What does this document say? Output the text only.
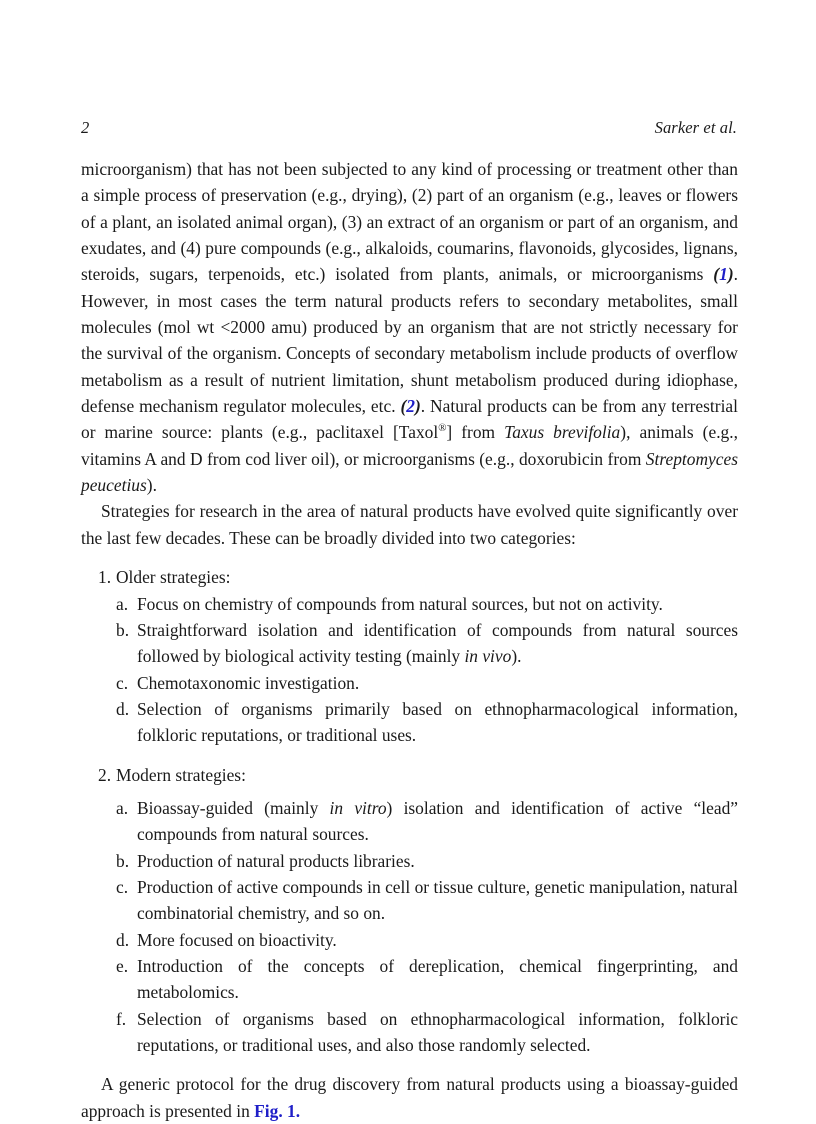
2	Sarker et al.

microorganism) that has not been subjected to any kind of processing or treatment other than a simple process of preservation (e.g., drying), (2) part of an organism (e.g., leaves or flowers of a plant, an isolated animal organ), (3) an extract of an organism or part of an organism, and exudates, and (4) pure compounds (e.g., alkaloids, coumarins, flavonoids, glycosides, lignans, steroids, sugars, terpenoids, etc.) isolated from plants, animals, or microorganisms (1). However, in most cases the term natural products refers to secondary metabolites, small molecules (mol wt <2000 amu) produced by an organism that are not strictly necessary for the survival of the organism. Concepts of secondary metabolism include products of overflow metabolism as a result of nutrient limitation, shunt metabolism produced during idiophase, defense mechanism regulator molecules, etc. (2). Natural products can be from any terrestrial or marine source: plants (e.g., paclitaxel [Taxol®] from Taxus brevifolia), animals (e.g., vitamins A and D from cod liver oil), or microorganisms (e.g., doxorubicin from Streptomyces peucetius).

Strategies for research in the area of natural products have evolved quite significantly over the last few decades. These can be broadly divided into two categories:

1. Older strategies:
a. Focus on chemistry of compounds from natural sources, but not on activity.
b. Straightforward isolation and identification of compounds from natural sources followed by biological activity testing (mainly in vivo).
c. Chemotaxonomic investigation.
d. Selection of organisms primarily based on ethnopharmacological information, folkloric reputations, or traditional uses.
2. Modern strategies:
a. Bioassay-guided (mainly in vitro) isolation and identification of active “lead” compounds from natural sources.
b. Production of natural products libraries.
c. Production of active compounds in cell or tissue culture, genetic manipulation, natural combinatorial chemistry, and so on.
d. More focused on bioactivity.
e. Introduction of the concepts of dereplication, chemical fingerprinting, and metabolomics.
f. Selection of organisms based on ethnopharmacological information, folkloric reputations, or traditional uses, and also those randomly selected.

A generic protocol for the drug discovery from natural products using a bioassay-guided approach is presented in Fig. 1.
